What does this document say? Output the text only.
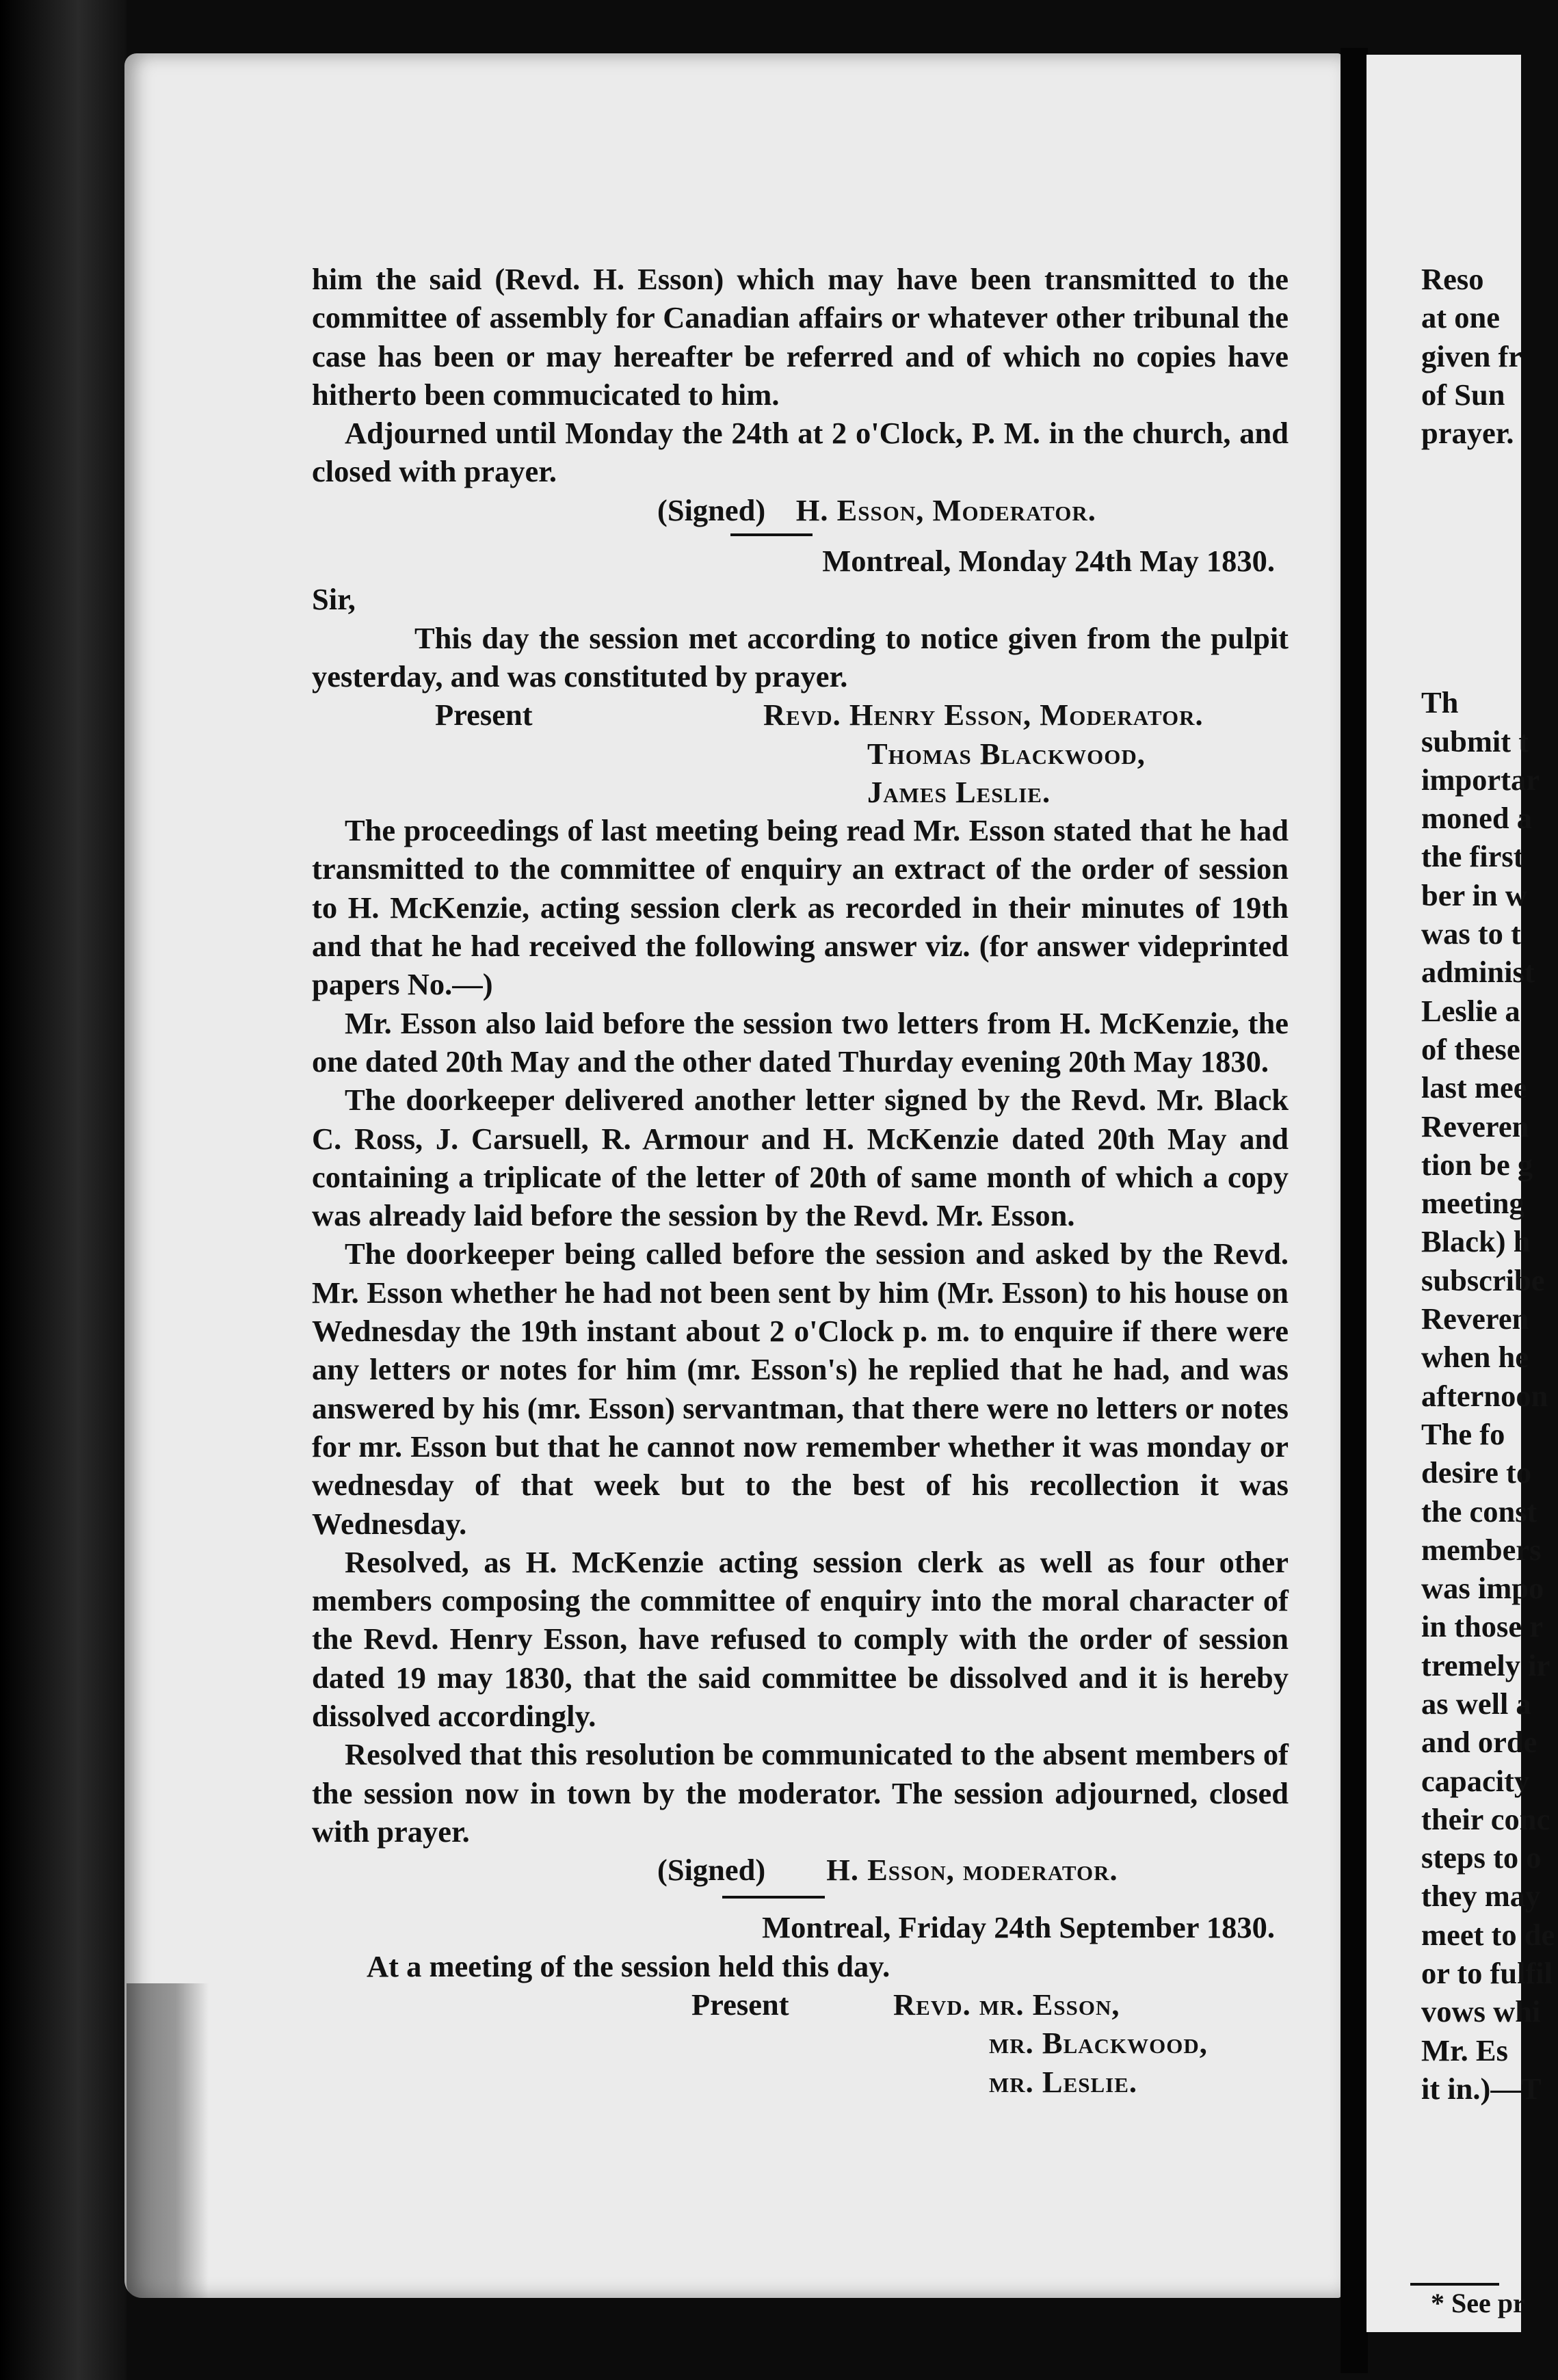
him the said (Revd. H. Esson) which may have been transmitted to the committee of assembly for Canadian affairs or whatever other tribunal the case has been or may hereafter be referred and of which no copies have hitherto been commucicated to him.

Adjourned until Monday the 24th at 2 o'Clock, P. M. in the church, and closed with prayer.

(Signed) H. Esson, Moderator.

Montreal, Monday 24th May 1830.

Sir,

This day the session met according to notice given from the pulpit yesterday, and was constituted by prayer.

Present	Revd. Henry Esson, Moderator.

Thomas Blackwood,

James Leslie.

The proceedings of last meeting being read Mr. Esson stated that he had transmitted to the committee of enquiry an extract of the order of session to H. McKenzie, acting session clerk as recorded in their minutes of 19th and that he had received the following answer viz. (for answer videprinted papers No.—)

Mr. Esson also laid before the session two letters from H. McKenzie, the one dated 20th May and the other dated Thurday evening 20th May 1830.

The doorkeeper delivered another letter signed by the Revd. Mr. Black C. Ross, J. Carsuell, R. Armour and H. McKenzie dated 20th May and containing a triplicate of the letter of 20th of same month of which a copy was already laid before the session by the Revd. Mr. Esson.

The doorkeeper being called before the session and asked by the Revd. Mr. Esson whether he had not been sent by him (Mr. Esson) to his house on Wednesday the 19th instant about 2 o'Clock p. m. to enquire if there were any letters or notes for him (mr. Esson's) he replied that he had, and was answered by his (mr. Esson) servantman, that there were no letters or notes for mr. Esson but that he cannot now remember whether it was monday or wednesday of that week but to the best of his recollection it was Wednesday.

Resolved, as H. McKenzie acting session clerk as well as four other members composing the committee of enquiry into the moral character of the Revd. Henry Esson, have refused to comply with the order of session dated 19 may 1830, that the said committee be dissolved and it is hereby dissolved accordingly.

Resolved that this resolution be communicated to the absent members of the session now in town by the moderator. The session adjourned, closed with prayer.

(Signed) H. Esson, moderator.

Montreal, Friday 24th September 1830.

At a meeting of the session held this day.

Present	Revd. mr. Esson,

mr. Blackwood,

mr. Leslie.

Reso
at one
given fr
of Sun
prayer.

Th
submit t
importar
moned a
the first
ber in w
was to t
administ
Leslie a
of these
last mee
Reveren
tion be g
meeting
Black) h
subscribe
Reveren
when he
afternoon
The fo
desire to
the const
members
was impo
in those r
tremely ir
as well a
and orde
capacity
their conc
steps to o
they may
meet to de
or to fulfil
vows whi
Mr. Es
it in.)—T
* See pr
